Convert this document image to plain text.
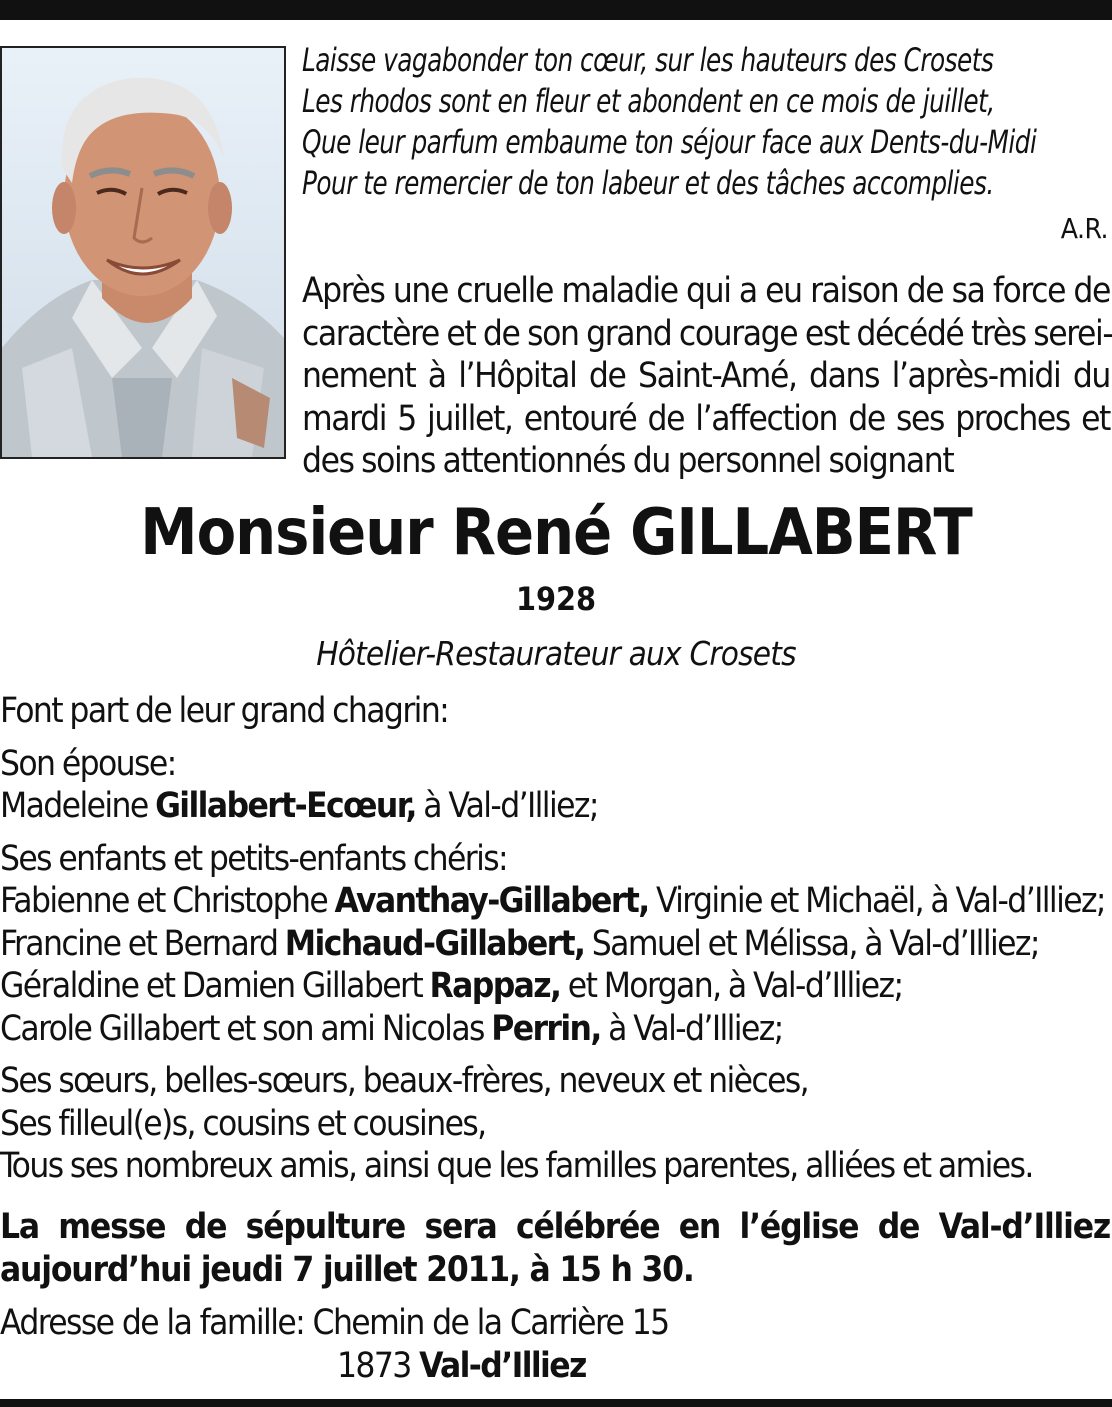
Laisse vagabonder ton cœur, sur les hauteurs des Crosets
Les rhodos sont en fleur et abondent en ce mois de juillet,
Que leur parfum embaume ton séjour face aux Dents-du-Midi
Pour te remercier de ton labeur et des tâches accomplies.
A.R.
Après une cruelle maladie qui a eu raison de sa force de
caractère et de son grand courage est décédé très serei-
nement à l’Hôpital de Saint-Amé, dans l’après-midi du
mardi 5 juillet, entouré de l’affection de ses proches et
des soins attentionnés du personnel soignant
Monsieur René GILLABERT
1928
Hôtelier-Restaurateur aux Crosets
Font part de leur grand chagrin:
Son épouse:
Madeleine Gillabert-Ecœur, à Val-d’Illiez;
Ses enfants et petits-enfants chéris:
Fabienne et Christophe Avanthay-Gillabert, Virginie et Michaël, à Val-d’Illiez;
Francine et Bernard Michaud-Gillabert, Samuel et Mélissa, à Val-d’Illiez;
Géraldine et Damien Gillabert Rappaz, et Morgan, à Val-d’Illiez;
Carole Gillabert et son ami Nicolas Perrin, à Val-d’Illiez;
Ses sœurs, belles-sœurs, beaux-frères, neveux et nièces,
Ses filleul(e)s, cousins et cousines,
Tous ses nombreux amis, ainsi que les familles parentes, alliées et amies.
La messe de sépulture sera célébrée en l’église de Val-d’Illiez
aujourd’hui jeudi 7 juillet 2011, à 15 h 30.
Adresse de la famille: Chemin de la Carrière 15
1873 Val-d’Illiez
